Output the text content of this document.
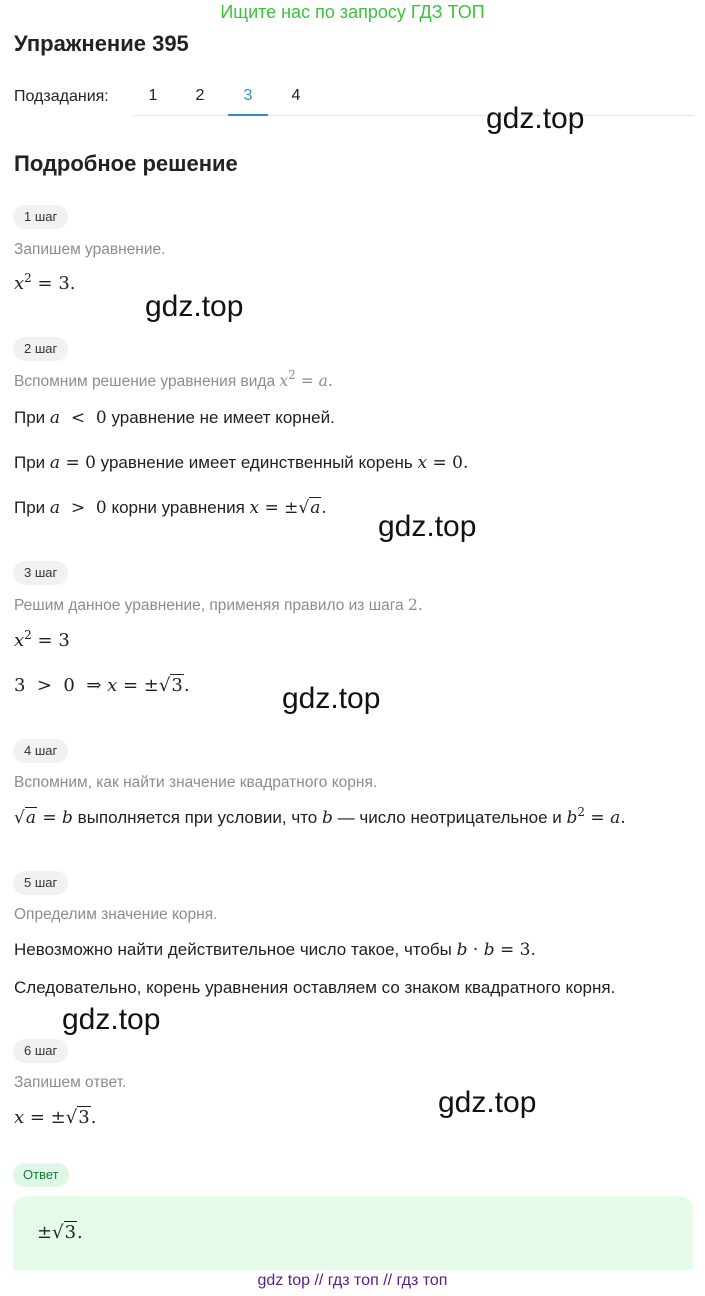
Ищите нас по запросу ГДЗ ТОП
Упражнение 395
Подзадания:	1	2	3	4
Подробное решение
gdz.top
gdz.top
gdz.top
gdz.top
gdz.top
gdz.top
1 шаг
Запишем уравнение.
$x^2 = 3$.
2 шаг
Вспомним решение уравнения вида $x^2 = a$.
При a  <  0 уравнение не имеет корней.
При a = 0 уравнение имеет единственный корень x = 0.
При a  >  0 корни уравнения x = ±√a.
3 шаг
Решим данное уравнение, применяя правило из шага 2.
$x^2 = 3$
3  >  0  ⇒ x = ±√3.
4 шаг
Вспомним, как найти значение квадратного корня.
√a = b выполняется при условии, что b — число неотрицательное и $b^2 = a$.
5 шаг
Определим значение корня.
Невозможно найти действительное число такое, чтобы b · b = 3.
Следовательно, корень уравнения оставляем со знаком квадратного корня.
6 шаг
Запишем ответ.
x = ±√3.
Ответ
±√3.
gdz top // гдз топ // гдз топ
